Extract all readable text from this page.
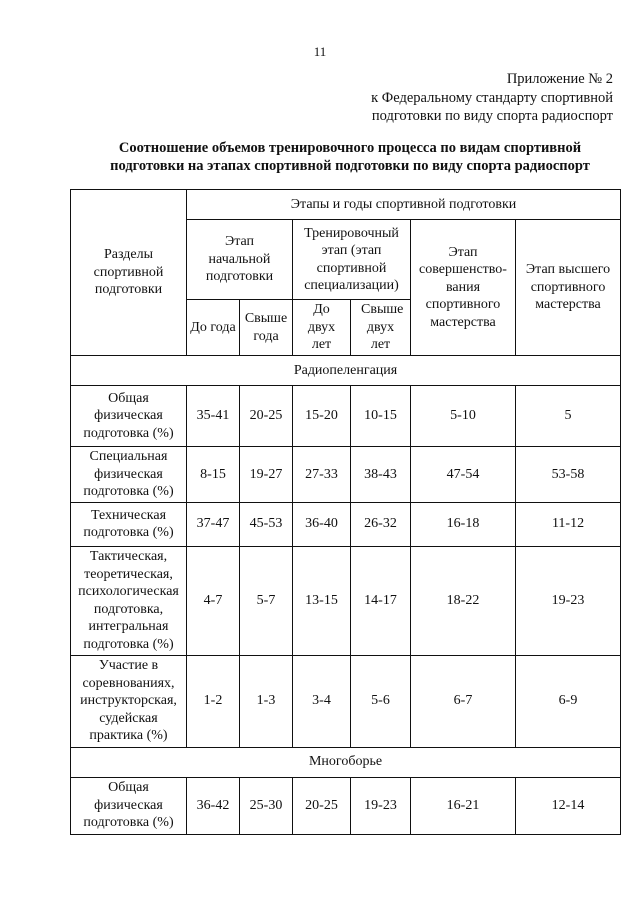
11
Приложение № 2
к Федеральному стандарту спортивной
подготовки по виду спорта радиоспорт
Соотношение объемов тренировочного процесса по видам спортивной
подготовки на этапах спортивной подготовки по виду спорта радиоспорт
Разделы спортивной подготовки	Этапы и годы спортивной подготовки					
	Этап начальной подготовки		Тренировочный этап (этап спортивной специализации)		Этап совершенство-вания спортивного мастерства	Этап высшего спортивного мастерства
	До года	Свыше года	До двух лет	Свыше двух лет		
Радиопеленгация						
Общая физическая подготовка (%)	35-41	20-25	15-20	10-15	5-10	5
Специальная физическая подготовка (%)	8-15	19-27	27-33	38-43	47-54	53-58
Техническая подготовка (%)	37-47	45-53	36-40	26-32	16-18	11-12
Тактическая, теоретическая, психологическая подготовка, интегральная подготовка (%)	4-7	5-7	13-15	14-17	18-22	19-23
Участие в соревнованиях, инструкторская, судейская практика (%)	1-2	1-3	3-4	5-6	6-7	6-9
Многоборье						
Общая физическая подготовка (%)	36-42	25-30	20-25	19-23	16-21	12-14
